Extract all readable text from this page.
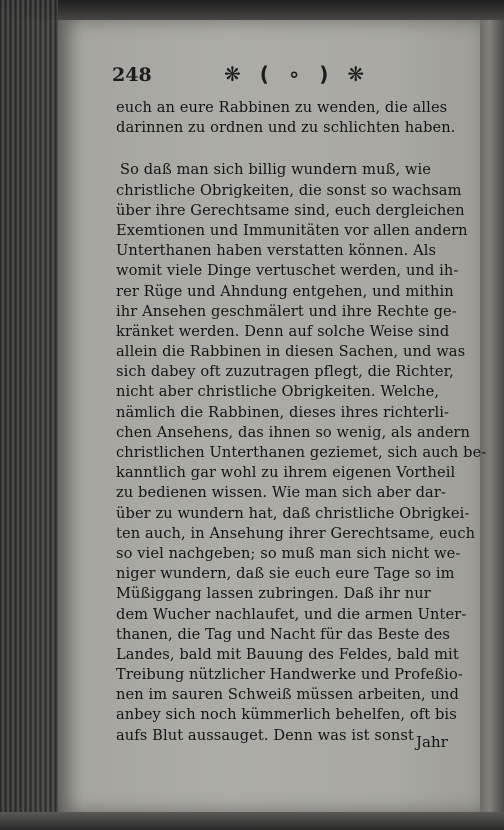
248	❋ ( ∘ ) ❋
euch an eure Rabbinen zu wenden, die alles
darinnen zu ordnen und zu schlichten haben.
So daß man sich billig wundern muß, wie
christliche Obrigkeiten, die sonst so wachsam
über ihre Gerechtsame sind, euch dergleichen
Exemtionen und Immunitäten vor allen andern
Unterthanen haben verstatten können. Als
womit viele Dinge vertuschet werden, und ih-
rer Rüge und Ahndung entgehen, und mithin
ihr Ansehen geschmälert und ihre Rechte ge-
kränket werden. Denn auf solche Weise sind
allein die Rabbinen in diesen Sachen, und was
sich dabey oft zuzutragen pflegt, die Richter,
nicht aber christliche Obrigkeiten. Welche,
nämlich die Rabbinen, dieses ihres richterli-
chen Ansehens, das ihnen so wenig, als andern
christlichen Unterthanen geziemet, sich auch be-
kanntlich gar wohl zu ihrem eigenen Vortheil
zu bedienen wissen. Wie man sich aber dar-
über zu wundern hat, daß christliche Obrigkei-
ten auch, in Ansehung ihrer Gerechtsame, euch
so viel nachgeben; so muß man sich nicht we-
niger wundern, daß sie euch eure Tage so im
Müßiggang lassen zubringen. Daß ihr nur
dem Wucher nachlaufet, und die armen Unter-
thanen, die Tag und Nacht für das Beste des
Landes, bald mit Bauung des Feldes, bald mit
Treibung nützlicher Handwerke und Profeßio-
nen im sauren Schweiß müssen arbeiten, und
anbey sich noch kümmerlich behelfen, oft bis
aufs Blut aussauget. Denn was ist sonst Jahr
